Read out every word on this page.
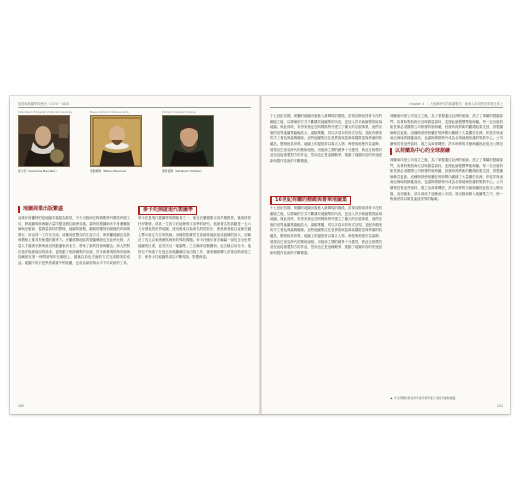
地図與地圖學的歷史／1570－1630
Ortus Rerum Fotograph of Mercator Gerardus
麥卡托（Gerardus Mercator）
Plaque Portrait of Plancius Carte
普朗修斯（Petrus Plancius）
Portrait of Abraham Ortelius
奧特留斯（Abraham Ortelius）
地圖商業出版繁盛
這幾年荷蘭特的是地圖市場最為繁榮，不少出版商在阿姆斯特丹開設印刷工坊，將地圖與航海圖大量印製並銷往歐洲各地。當時的製圖師多半身兼雕版師與出版商，從測量資料的整理、地圖的繪製、銅版的雕刻到最後的印刷與發行，皆由同一工作坊完成。這種高度整合的生產方式，使荷蘭地圖在品質與價格上都具有極強的競爭力。法蘭德斯地區的製圖傳統也在此時北移，大量人才隨著宗教與政治的動盪來到北方，帶來了新的技術與觀念。商人們對於遠洋航線資訊的渴求，更推動了航海圖集的出版，許多新發現的海岸線與島嶼都在第一時間被刻印在銅版上，隨後以彩色手繪的方式完成精美的成品。地圖不再只是學者書齋中的收藏，也成為商旅與水手不可或缺的工具。
麥卡托開啟現代製圖學
麥卡托是現代製圖學的開創者之一，他在法蘭德斯完成早期教育，後來移居杜伊斯堡，終其一生致力於地理與宇宙學的研究。他最著名的貢獻是一五六九年發表的世界地圖，採用後來以他命名的投影法，使航海者能以直線在圖上標示恆定方位的航線。這種投影雖然在高緯度地區造成面積的放大，卻解決了長久以來困擾航海家的導航問題。麥卡托晚年著手編纂一部包含全世界地圖的巨著，並首次以「地圖集」之名稱呼這類圖冊，此名稱沿用至今。他的兒子與孫子在他去世後繼續完成出版工作，後來銅版轉入洪第烏斯家族之手，使麥卡托地圖集得以不斷再版，影響深遠。
100
chapter 4 ｜ 大航海時代的地圖製作：歐洲人如何把世界畫在紙上
16世紀荷蘭的精緻與奢華地圖集
十七世紀初期，荷蘭的地圖出版進入最輝煌的階段。洪第烏斯取得麥卡托的銅版之後，以增補的方式不斷擴充地圖集的內容，並加入許多新繪製的區域地圖。與此同時，布勞家族也在阿姆斯特丹建立了龐大的出版事業，他們出版的世界地圖集篇幅浩大、裝幀華麗，常以多卷本的形式呈現，並配有精美的手工著色與裝飾圖案。這些地圖集往往是貴族與富商炫耀財富與學識的收藏品，價格極其昂貴。地圖上的邊框常以寓言人物、海怪與船隻作為裝飾，展現出巴洛克時代的藝術風格。出版商之間的競爭十分激烈，彼此互相模仿甚至直接複製對方的作品，然而也正是這種競爭，推動了地圖內容的快速更新與製作技術的不斷精進。
十七世紀初期，荷蘭的地圖出版進入最輝煌的階段。洪第烏斯取得麥卡托的銅版之後，以增補的方式不斷擴充地圖集的內容，並加入許多新繪製的區域地圖。與此同時，布勞家族也在阿姆斯特丹建立了龐大的出版事業，他們出版的世界地圖集篇幅浩大、裝幀華麗，常以多卷本的形式呈現，並配有精美的手工著色與裝飾圖案。這些地圖集往往是貴族與富商炫耀財富與學識的收藏品，價格極其昂貴。地圖上的邊框常以寓言人物、海怪與船隻作為裝飾，展現出巴洛克時代的藝術風格。出版商之間的競爭十分激烈，彼此互相模仿甚至直接複製對方的作品，然而也正是這種競爭，推動了地圖內容的快速更新與製作技術的不斷精進。
以荷蘭為中心的全球測繪
荷蘭東印度公司成立之後，為了掌握通往亞洲的航線，設立了專屬的製圖部門，負責收集航海日誌與測量資料，並據此繪製標準航海圖。每一位出航的船長都必須攜帶公司核發的航海圖，回航時再將新的觀測結果交回，供製圖師修訂更新。這種制度使荷蘭在短時間內累積了大量關於非洲、印度洋與東南亞海域的精確資訊，也讓阿姆斯特丹成為全球地理知識的集散中心。公司嚴格控管這些資料，視之為商業機密，許多珍貴的手繪海圖因此從未公開出
荷蘭東印度公司成立之後，為了掌握通往亞洲的航線，設立了專屬的製圖部門，負責收集航海日誌與測量資料，並據此繪製標準航海圖。每一位出航的船長都必須攜帶公司核發的航海圖，回航時再將新的觀測結果交回，供製圖師修訂更新。這種制度使荷蘭在短時間內累積了大量關於非洲、印度洋與東南亞海域的精確資訊，也讓阿姆斯特丹成為全球地理知識的集散中心。公司嚴格控管這些資料，視之為商業機密，許多珍貴的手繪海圖因此從未公開出版。直到後來，部分資訊才逐漸流入市面，被出版商納入地圖集之中，使一般讀者得以窺見遙遠世界的輪廓。
★ 今日荷蘭仍保存許多當年東印度公司的手繪航海圖。
101
